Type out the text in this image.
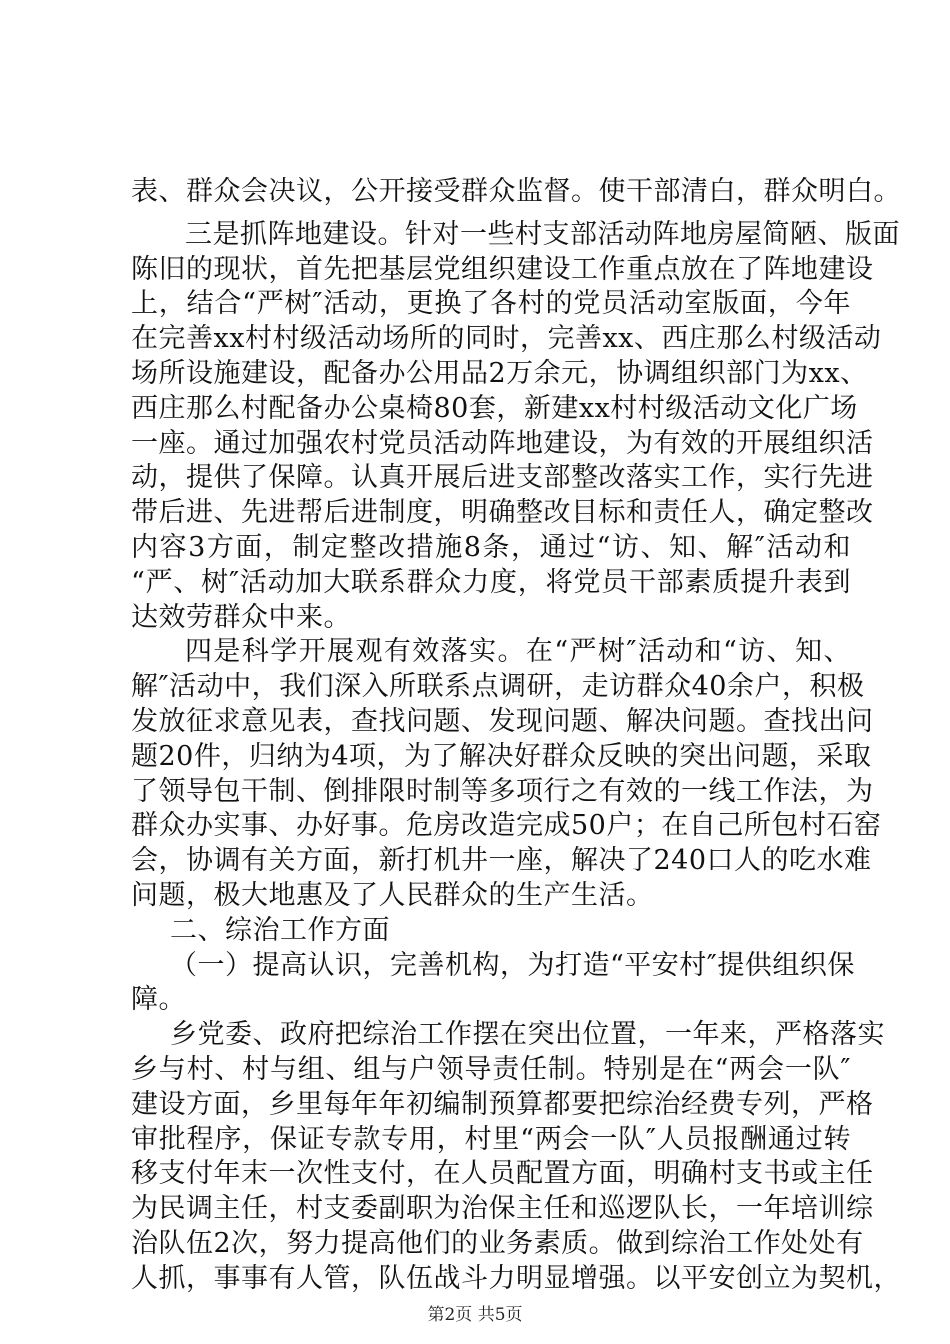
表、群众会决议，公开接受群众监督。使干部清白，群众明白。
三是抓阵地建设。针对一些村支部活动阵地房屋简陋、版面
陈旧的现状，首先把基层党组织建设工作重点放在了阵地建设
上，结合“严树″活动，更换了各村的党员活动室版面，今年
在完善xx村村级活动场所的同时，完善xx、西庄那么村级活动
场所设施建设，配备办公用品2万余元，协调组织部门为xx、
西庄那么村配备办公桌椅80套，新建xx村村级活动文化广场
一座。通过加强农村党员活动阵地建设，为有效的开展组织活
动，提供了保障。认真开展后进支部整改落实工作，实行先进
带后进、先进帮后进制度，明确整改目标和责任人，确定整改
内容3方面，制定整改措施8条，通过“访、知、解″活动和
“严、树″活动加大联系群众力度，将党员干部素质提升表到
达效劳群众中来。
四是科学开展观有效落实。在“严树″活动和“访、知、
解″活动中，我们深入所联系点调研，走访群众40余户，积极
发放征求意见表，查找问题、发现问题、解决问题。查找出问
题20件，归纳为4项，为了解决好群众反映的突出问题，采取
了领导包干制、倒排限时制等多项行之有效的一线工作法，为
群众办实事、办好事。危房改造完成50户；在自己所包村石窑
会，协调有关方面，新打机井一座，解决了240口人的吃水难
问题，极大地惠及了人民群众的生产生活。
二、综治工作方面
（一）提高认识，完善机构，为打造“平安村″提供组织保
障。
乡党委、政府把综治工作摆在突出位置，一年来，严格落实
乡与村、村与组、组与户领导责任制。特别是在“两会一队″
建设方面，乡里每年年初编制预算都要把综治经费专列，严格
审批程序，保证专款专用，村里“两会一队″人员报酬通过转
移支付年末一次性支付，在人员配置方面，明确村支书或主任
为民调主任，村支委副职为治保主任和巡逻队长，一年培训综
治队伍2次，努力提高他们的业务素质。做到综治工作处处有
人抓，事事有人管，队伍战斗力明显增强。以平安创立为契机，
第2页 共5页
